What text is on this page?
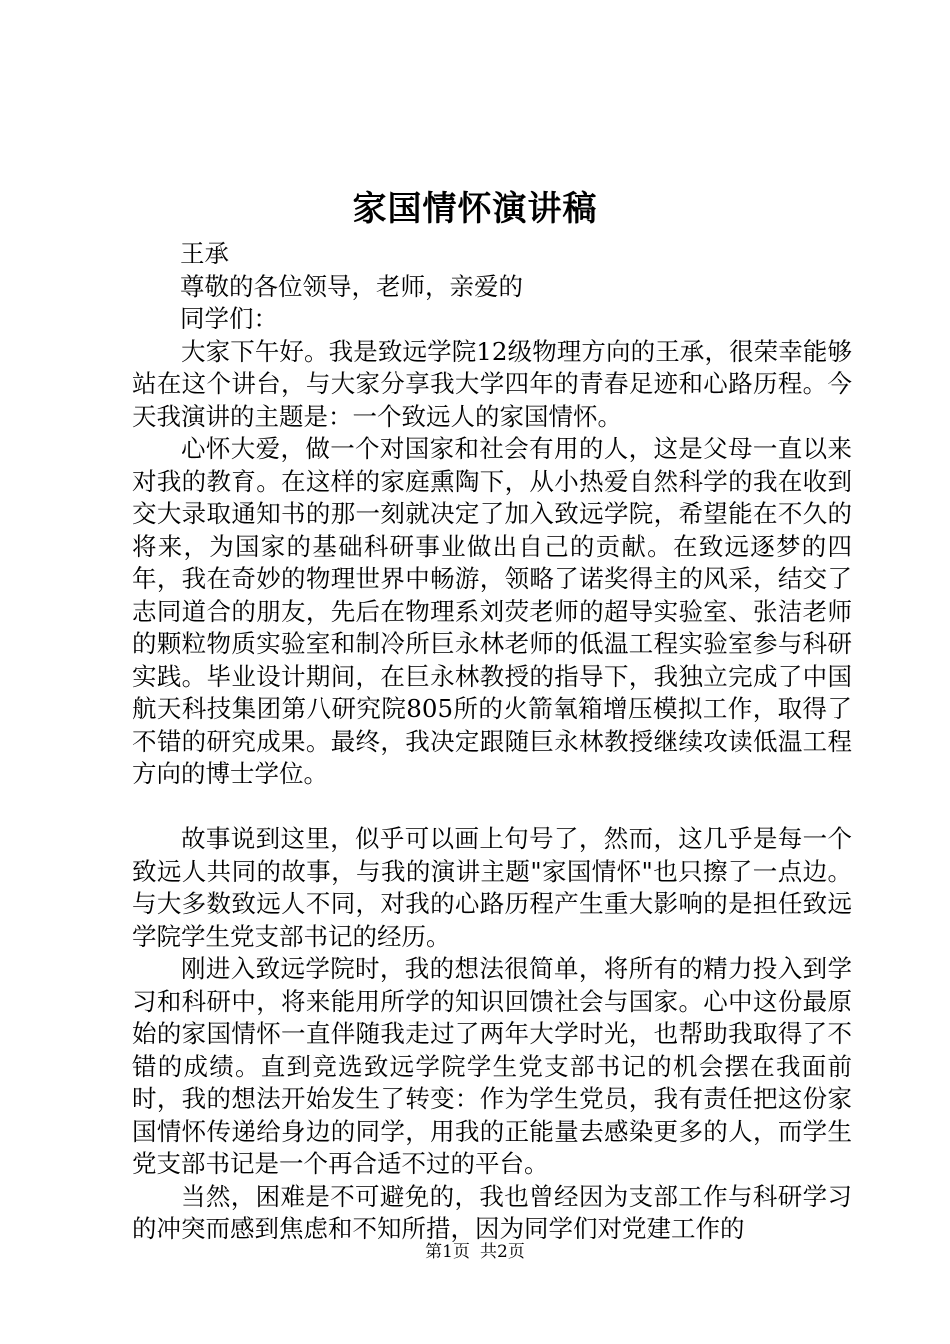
家国情怀演讲稿

王承

尊敬的各位领导，老师，亲爱的

同学们：

大家下午好。我是致远学院12级物理方向的王承，很荣幸能够站在这个讲台，与大家分享我大学四年的青春足迹和心路历程。今天我演讲的主题是：一个致远人的家国情怀。

心怀大爱，做一个对国家和社会有用的人，这是父母一直以来对我的教育。在这样的家庭熏陶下，从小热爱自然科学的我在收到交大录取通知书的那一刻就决定了加入致远学院，希望能在不久的将来，为国家的基础科研事业做出自己的贡献。在致远逐梦的四年，我在奇妙的物理世界中畅游，领略了诺奖得主的风采，结交了志同道合的朋友，先后在物理系刘荧老师的超导实验室、张洁老师的颗粒物质实验室和制冷所巨永林老师的低温工程实验室参与科研实践。毕业设计期间，在巨永林教授的指导下，我独立完成了中国航天科技集团第八研究院805所的火箭氧箱增压模拟工作，取得了不错的研究成果。最终，我决定跟随巨永林教授继续攻读低温工程方向的博士学位。

故事说到这里，似乎可以画上句号了，然而，这几乎是每一个致远人共同的故事，与我的演讲主题"家国情怀"也只擦了一点边。与大多数致远人不同，对我的心路历程产生重大影响的是担任致远学院学生党支部书记的经历。

刚进入致远学院时，我的想法很简单，将所有的精力投入到学习和科研中，将来能用所学的知识回馈社会与国家。心中这份最原始的家国情怀一直伴随我走过了两年大学时光，也帮助我取得了不错的成绩。直到竞选致远学院学生党支部书记的机会摆在我面前时，我的想法开始发生了转变：作为学生党员，我有责任把这份家国情怀传递给身边的同学，用我的正能量去感染更多的人，而学生党支部书记是一个再合适不过的平台。

当然，困难是不可避免的，我也曾经因为支部工作与科研学习的冲突而感到焦虑和不知所措，因为同学们对党建工作的

第1页 共2页
